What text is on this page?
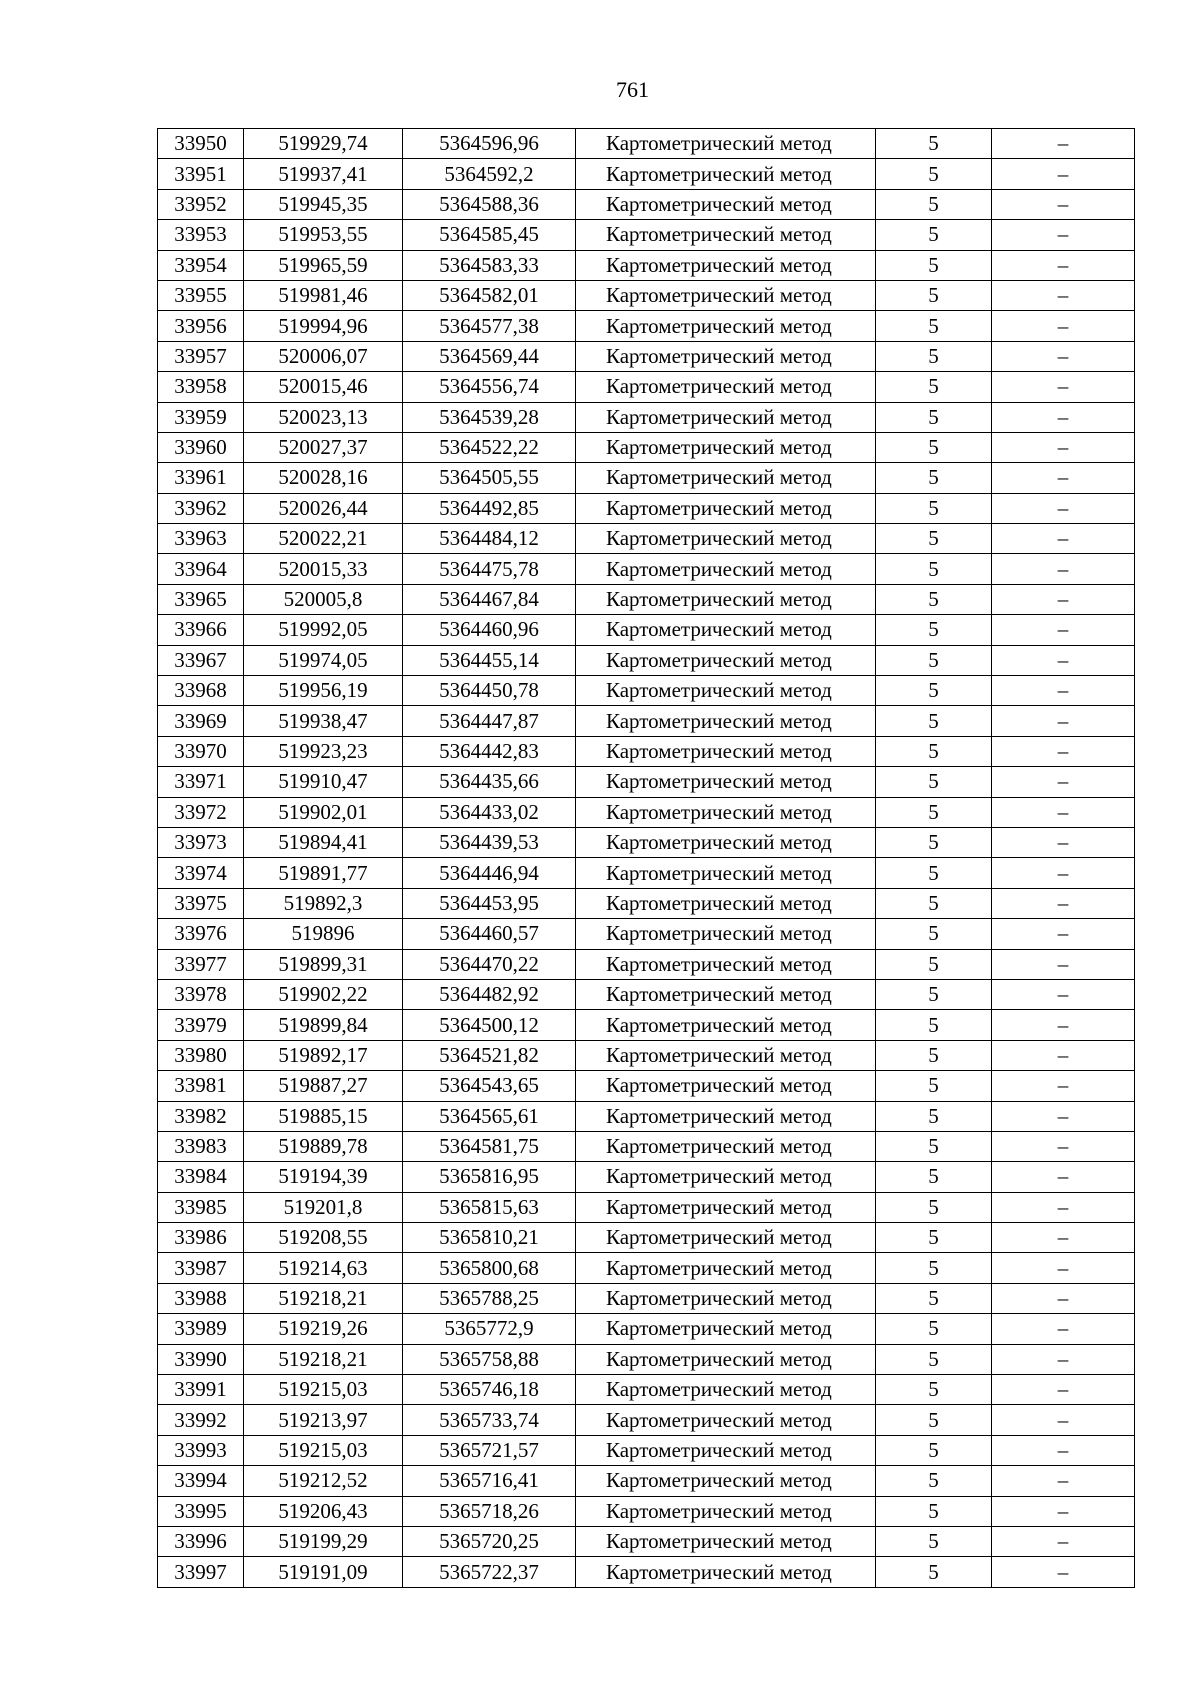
761
33950	519929,74	5364596,96	Картометрический метод	5	–
33951	519937,41	5364592,2	Картометрический метод	5	–
33952	519945,35	5364588,36	Картометрический метод	5	–
33953	519953,55	5364585,45	Картометрический метод	5	–
33954	519965,59	5364583,33	Картометрический метод	5	–
33955	519981,46	5364582,01	Картометрический метод	5	–
33956	519994,96	5364577,38	Картометрический метод	5	–
33957	520006,07	5364569,44	Картометрический метод	5	–
33958	520015,46	5364556,74	Картометрический метод	5	–
33959	520023,13	5364539,28	Картометрический метод	5	–
33960	520027,37	5364522,22	Картометрический метод	5	–
33961	520028,16	5364505,55	Картометрический метод	5	–
33962	520026,44	5364492,85	Картометрический метод	5	–
33963	520022,21	5364484,12	Картометрический метод	5	–
33964	520015,33	5364475,78	Картометрический метод	5	–
33965	520005,8	5364467,84	Картометрический метод	5	–
33966	519992,05	5364460,96	Картометрический метод	5	–
33967	519974,05	5364455,14	Картометрический метод	5	–
33968	519956,19	5364450,78	Картометрический метод	5	–
33969	519938,47	5364447,87	Картометрический метод	5	–
33970	519923,23	5364442,83	Картометрический метод	5	–
33971	519910,47	5364435,66	Картометрический метод	5	–
33972	519902,01	5364433,02	Картометрический метод	5	–
33973	519894,41	5364439,53	Картометрический метод	5	–
33974	519891,77	5364446,94	Картометрический метод	5	–
33975	519892,3	5364453,95	Картометрический метод	5	–
33976	519896	5364460,57	Картометрический метод	5	–
33977	519899,31	5364470,22	Картометрический метод	5	–
33978	519902,22	5364482,92	Картометрический метод	5	–
33979	519899,84	5364500,12	Картометрический метод	5	–
33980	519892,17	5364521,82	Картометрический метод	5	–
33981	519887,27	5364543,65	Картометрический метод	5	–
33982	519885,15	5364565,61	Картометрический метод	5	–
33983	519889,78	5364581,75	Картометрический метод	5	–
33984	519194,39	5365816,95	Картометрический метод	5	–
33985	519201,8	5365815,63	Картометрический метод	5	–
33986	519208,55	5365810,21	Картометрический метод	5	–
33987	519214,63	5365800,68	Картометрический метод	5	–
33988	519218,21	5365788,25	Картометрический метод	5	–
33989	519219,26	5365772,9	Картометрический метод	5	–
33990	519218,21	5365758,88	Картометрический метод	5	–
33991	519215,03	5365746,18	Картометрический метод	5	–
33992	519213,97	5365733,74	Картометрический метод	5	–
33993	519215,03	5365721,57	Картометрический метод	5	–
33994	519212,52	5365716,41	Картометрический метод	5	–
33995	519206,43	5365718,26	Картометрический метод	5	–
33996	519199,29	5365720,25	Картометрический метод	5	–
33997	519191,09	5365722,37	Картометрический метод	5	–
